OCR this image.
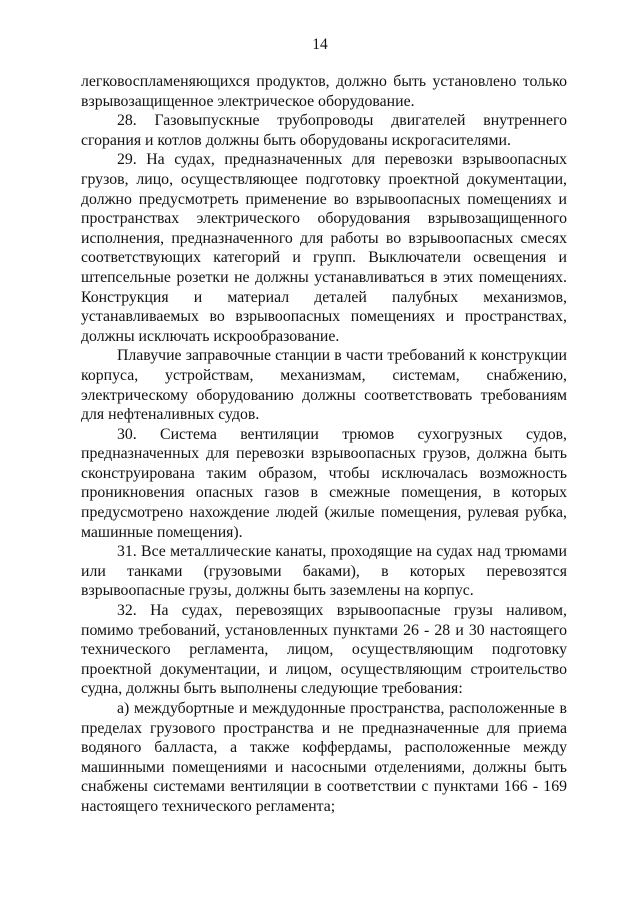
14

легковоспламеняющихся продуктов, должно быть установлено только взрывозащищенное электрическое оборудование.

28. Газовыпускные трубопроводы двигателей внутреннего сгорания и котлов должны быть оборудованы искрогасителями.

29. На судах, предназначенных для перевозки взрывоопасных грузов, лицо, осуществляющее подготовку проектной документации, должно предусмотреть применение во взрывоопасных помещениях и пространствах электрического оборудования взрывозащищенного исполнения, предназначенного для работы во взрывоопасных смесях соответствующих категорий и групп. Выключатели освещения и штепсельные розетки не должны устанавливаться в этих помещениях. Конструкция и материал деталей палубных механизмов, устанавливаемых во взрывоопасных помещениях и пространствах, должны исключать искрообразование.

Плавучие заправочные станции в части требований к конструкции корпуса, устройствам, механизмам, системам, снабжению, электрическому оборудованию должны соответствовать требованиям для нефтеналивных судов.

30. Система вентиляции трюмов сухогрузных судов, предназначенных для перевозки взрывоопасных грузов, должна быть сконструирована таким образом, чтобы исключалась возможность проникновения опасных газов в смежные помещения, в которых предусмотрено нахождение людей (жилые помещения, рулевая рубка, машинные помещения).

31. Все металлические канаты, проходящие на судах над трюмами или танками (грузовыми баками), в которых перевозятся взрывоопасные грузы, должны быть заземлены на корпус.

32. На судах, перевозящих взрывоопасные грузы наливом, помимо требований, установленных пунктами 26 - 28 и 30 настоящего технического регламента, лицом, осуществляющим подготовку проектной документации, и лицом, осуществляющим строительство судна, должны быть выполнены следующие требования:

а) междубортные и междудонные пространства, расположенные в пределах грузового пространства и не предназначенные для приема водяного балласта, а также коффердамы, расположенные между машинными помещениями и насосными отделениями, должны быть снабжены системами вентиляции в соответствии с пунктами 166 - 169 настоящего технического регламента;
